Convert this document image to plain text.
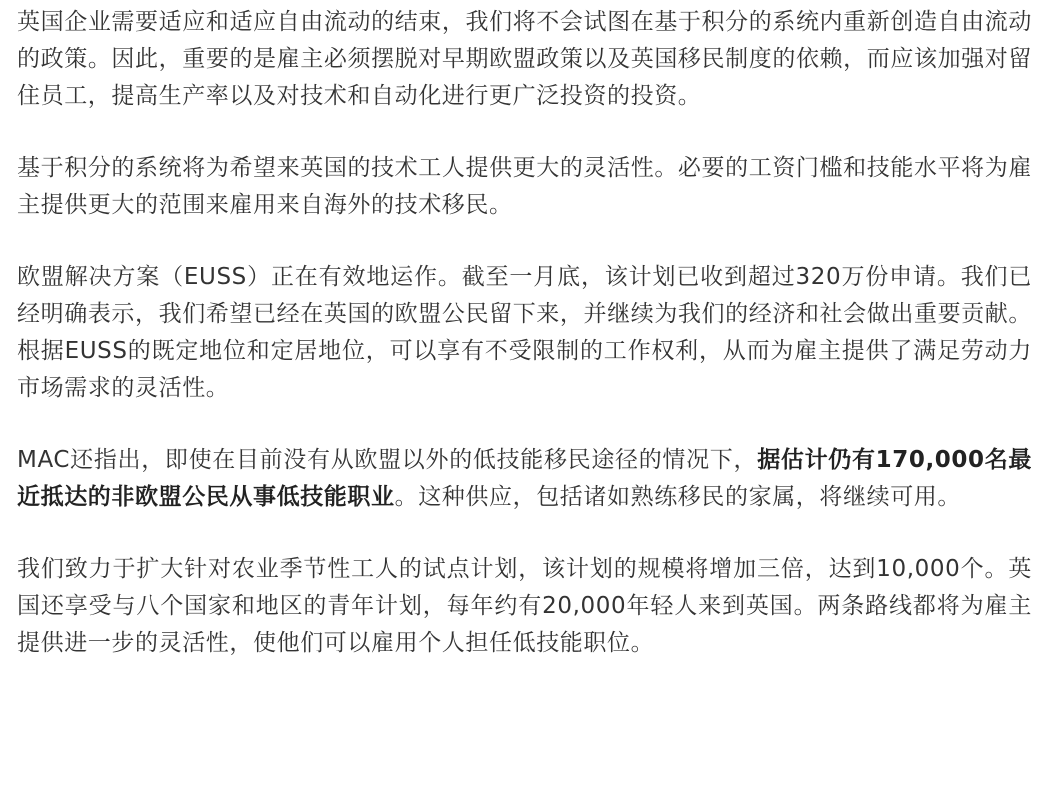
英国企业需要适应和适应自由流动的结束，我们将不会试图在基于积分的系统内重新创造自由流动的政策。因此，重要的是雇主必须摆脱对早期欧盟政策以及英国移民制度的依赖，而应该加强对留住员工，提高生产率以及对技术和自动化进行更广泛投资的投资。

基于积分的系统将为希望来英国的技术工人提供更大的灵活性。必要的工资门槛和技能水平将为雇主提供更大的范围来雇用来自海外的技术移民。

欧盟解决方案（EUSS）正在有效地运作。截至一月底，该计划已收到超过320万份申请。我们已经明确表示，我们希望已经在英国的欧盟公民留下来，并继续为我们的经济和社会做出重要贡献。根据EUSS的既定地位和定居地位，可以享有不受限制的工作权利，从而为雇主提供了满足劳动力市场需求的灵活性。

MAC还指出，即使在目前没有从欧盟以外的低技能移民途径的情况下，据估计仍有170,000名最近抵达的非欧盟公民从事低技能职业。这种供应，包括诸如熟练移民的家属，将继续可用。

我们致力于扩大针对农业季节性工人的试点计划，该计划的规模将增加三倍，达到10,000个。英国还享受与八个国家和地区的青年计划，每年约有20,000年轻人来到英国。两条路线都将为雇主提供进一步的灵活性，使他们可以雇用个人担任低技能职位。
